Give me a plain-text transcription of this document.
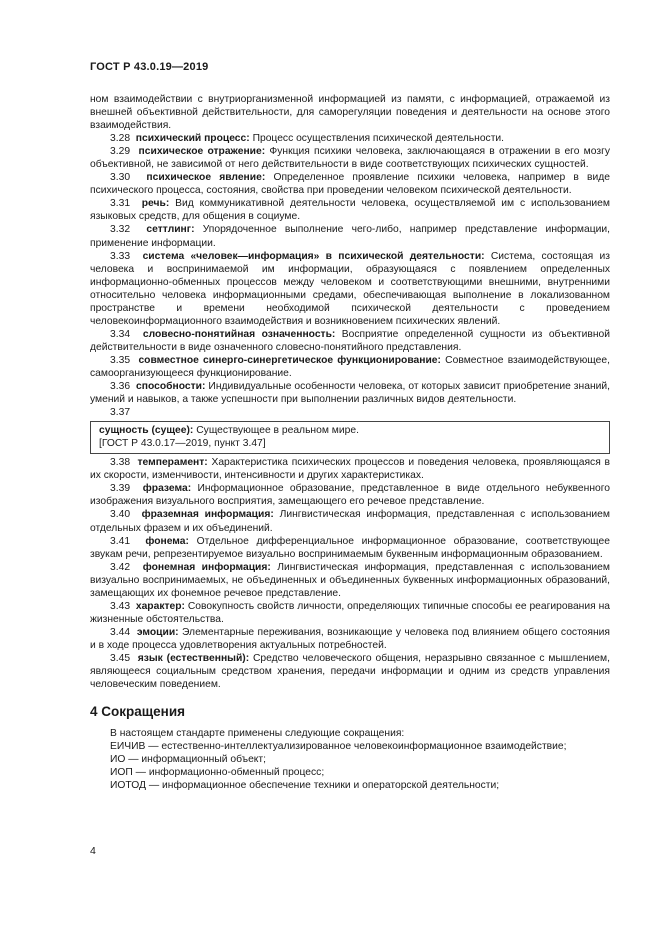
ГОСТ Р 43.0.19—2019

ном взаимодействии с внутриорганизменной информацией из памяти, с информацией, отражаемой из внешней объективной действительности, для саморегуляции поведения и деятельности на основе этого взаимодействия.

3.28 психический процесс: Процесс осуществления психической деятельности.

3.29 психическое отражение: Функция психики человека, заключающаяся в отражении в его мозгу объективной, не зависимой от него действительности в виде соответствующих психических сущностей.

3.30 психическое явление: Определенное проявление психики человека, например в виде психического процесса, состояния, свойства при проведении человеком психической деятельности.

3.31 речь: Вид коммуникативной деятельности человека, осуществляемой им с использованием языковых средств, для общения в социуме.

3.32 сеттлинг: Упорядоченное выполнение чего-либо, например представление информации, применение информации.

3.33 система «человек—информация» в психической деятельности: Система, состоящая из человека и воспринимаемой им информации, образующаяся с появлением определенных информационно-обменных процессов между человеком и соответствующими внешними, внутренними относительно человека информационными средами, обеспечивающая выполнение в локализованном пространстве и времени необходимой психической деятельности с проведением человекоинформационного взаимодействия и возникновением психических явлений.

3.34 словесно-понятийная означенность: Восприятие определенной сущности из объективной действительности в виде означенного словесно-понятийного представления.

3.35 совместное синерго-синергетическое функционирование: Совместное взаимодействующее, самоорганизующееся функционирование.

3.36 способности: Индивидуальные особенности человека, от которых зависит приобретение знаний, умений и навыков, а также успешности при выполнении различных видов деятельности.

3.37

сущность (сущее): Существующее в реальном мире.

[ГОСТ Р 43.0.17—2019, пункт 3.47]

3.38 темперамент: Характеристика психических процессов и поведения человека, проявляющаяся в их скорости, изменчивости, интенсивности и других характеристиках.

3.39 фразема: Информационное образование, представленное в виде отдельного небуквенного изображения визуального восприятия, замещающего его речевое представление.

3.40 фраземная информация: Лингвистическая информация, представленная с использованием отдельных фразем и их объединений.

3.41 фонема: Отдельное дифференциальное информационное образование, соответствующее звукам речи, репрезентируемое визуально воспринимаемым буквенным информационным образованием.

3.42 фонемная информация: Лингвистическая информация, представленная с использованием визуально воспринимаемых, не объединенных и объединенных буквенных информационных образований, замещающих их фонемное речевое представление.

3.43 характер: Совокупность свойств личности, определяющих типичные способы ее реагирования на жизненные обстоятельства.

3.44 эмоции: Элементарные переживания, возникающие у человека под влиянием общего состояния и в ходе процесса удовлетворения актуальных потребностей.

3.45 язык (естественный): Средство человеческого общения, неразрывно связанное с мышлением, являющееся социальным средством хранения, передачи информации и одним из средств управления человеческим поведением.

4 Сокращения

В настоящем стандарте применены следующие сокращения:

ЕИЧИВ — естественно-интеллектуализированное человекоинформационное взаимодействие;

ИО — информационный объект;

ИОП — информационно-обменный процесс;

ИОТОД — информационное обеспечение техники и операторской деятельности;

4
